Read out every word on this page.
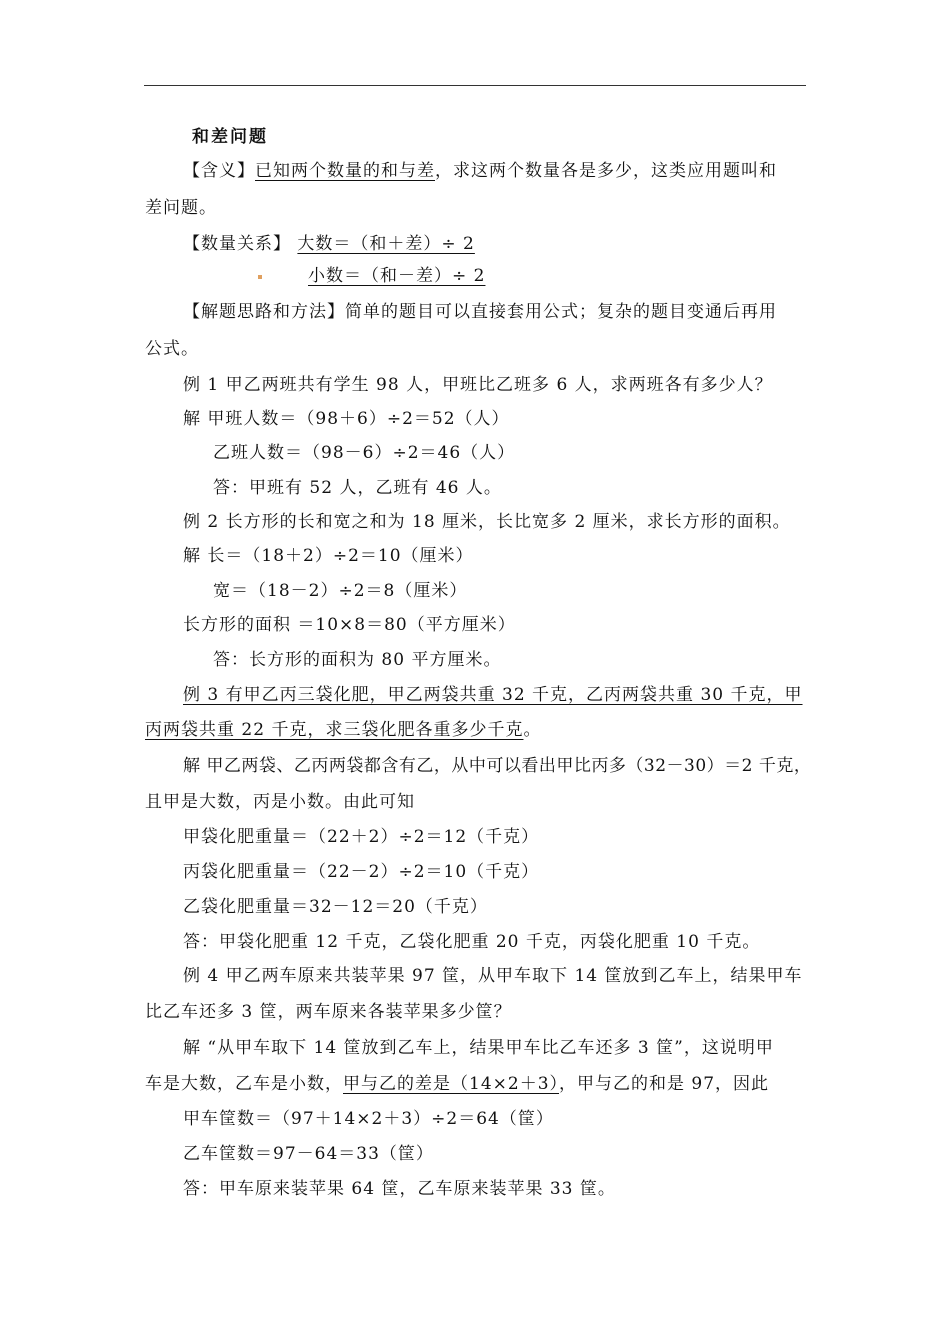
和差问题
【含义】已知两个数量的和与差，求这两个数量各是多少，这类应用题叫和
差问题。
【数量关系】 大数＝（和＋差）÷ 2
小数＝（和－差）÷ 2
【解题思路和方法】简单的题目可以直接套用公式；复杂的题目变通后再用
公式。
例 1 甲乙两班共有学生 98 人，甲班比乙班多 6 人，求两班各有多少人？
解 甲班人数＝（98＋6）÷2＝52（人）
乙班人数＝（98－6）÷2＝46（人）
答：甲班有 52 人，乙班有 46 人。
例 2 长方形的长和宽之和为 18 厘米，长比宽多 2 厘米，求长方形的面积。
解 长＝（18＋2）÷2＝10（厘米）
宽＝（18－2）÷2＝8（厘米）
长方形的面积 ＝10×8＝80（平方厘米）
答：长方形的面积为 80 平方厘米。
例 3 有甲乙丙三袋化肥，甲乙两袋共重 32 千克，乙丙两袋共重 30 千克，甲
丙两袋共重 22 千克，求三袋化肥各重多少千克。
解 甲乙两袋、乙丙两袋都含有乙，从中可以看出甲比丙多（32－30）＝2 千克，
且甲是大数，丙是小数。由此可知
甲袋化肥重量＝（22＋2）÷2＝12（千克）
丙袋化肥重量＝（22－2）÷2＝10（千克）
乙袋化肥重量＝32－12＝20（千克）
答：甲袋化肥重 12 千克，乙袋化肥重 20 千克，丙袋化肥重 10 千克。
例 4 甲乙两车原来共装苹果 97 筐，从甲车取下 14 筐放到乙车上，结果甲车
比乙车还多 3 筐，两车原来各装苹果多少筐？
解 “从甲车取下 14 筐放到乙车上，结果甲车比乙车还多 3 筐”，这说明甲
车是大数，乙车是小数，甲与乙的差是（14×2＋3），甲与乙的和是 97，因此
甲车筐数＝（97＋14×2＋3）÷2＝64（筐）
乙车筐数＝97－64＝33（筐）
答：甲车原来装苹果 64 筐，乙车原来装苹果 33 筐。
